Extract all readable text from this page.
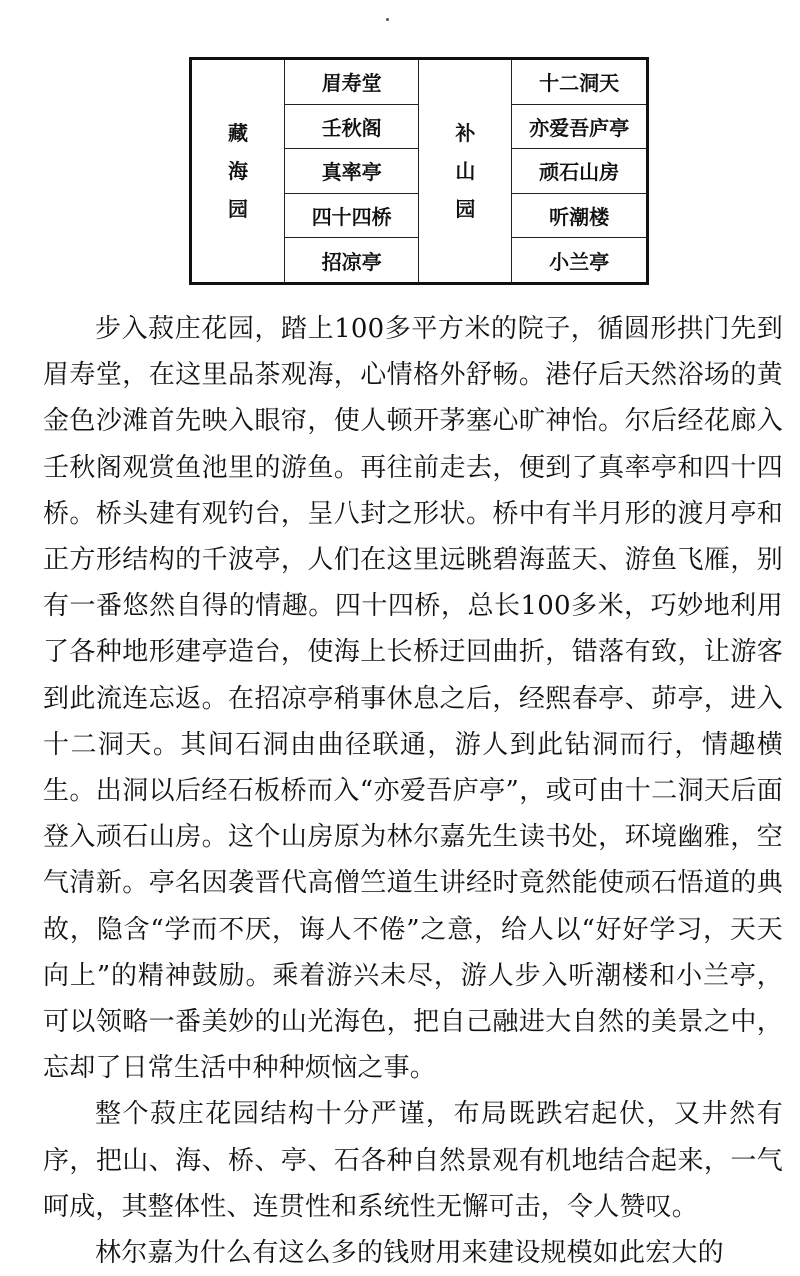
藏海园	眉寿堂	补山园	十二洞天
	壬秋阁		亦爱吾庐亭
	真率亭		顽石山房
	四十四桥		听潮楼
	招凉亭		小兰亭

步入菽庄花园，踏上100多平方米的院子，循圆形拱门先到眉寿堂，在这里品茶观海，心情格外舒畅。港仔后天然浴场的黄金色沙滩首先映入眼帘，使人顿开茅塞心旷神怡。尔后经花廊入壬秋阁观赏鱼池里的游鱼。再往前走去，便到了真率亭和四十四桥。桥头建有观钓台，呈八封之形状。桥中有半月形的渡月亭和正方形结构的千波亭，人们在这里远眺碧海蓝天、游鱼飞雁，别有一番悠然自得的情趣。四十四桥，总长100多米，巧妙地利用了各种地形建亭造台，使海上长桥迂回曲折，错落有致，让游客到此流连忘返。在招凉亭稍事休息之后，经熙春亭、茆亭，进入十二洞天。其间石洞由曲径联通，游人到此钻洞而行，情趣横生。出洞以后经石板桥而入“亦爱吾庐亭”，或可由十二洞天后面登入顽石山房。这个山房原为林尔嘉先生读书处，环境幽雅，空气清新。亭名因袭晋代高僧竺道生讲经时竟然能使顽石悟道的典故，隐含“学而不厌，诲人不倦”之意，给人以“好好学习，天天向上”的精神鼓励。乘着游兴未尽，游人步入听潮楼和小兰亭，可以领略一番美妙的山光海色，把自己融进大自然的美景之中，忘却了日常生活中种种烦恼之事。

整个菽庄花园结构十分严谨，布局既跌宕起伏，又井然有序，把山、海、桥、亭、石各种自然景观有机地结合起来，一气呵成，其整体性、连贯性和系统性无懈可击，令人赞叹。

林尔嘉为什么有这么多的钱财用来建设规模如此宏大的
